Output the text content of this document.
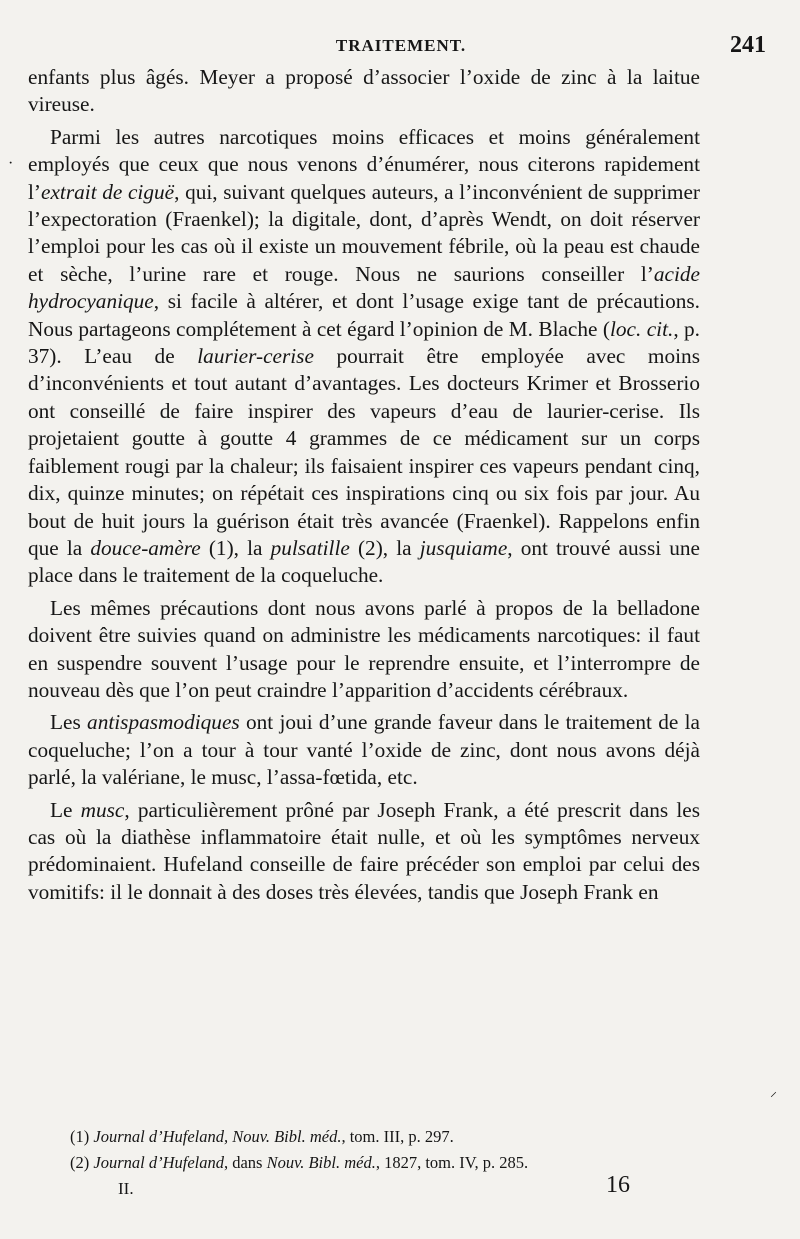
TRAITEMENT.	241
·
⸝

enfants plus âgés. Meyer a proposé d’associer l’oxide de zinc à la laitue vireuse.

Parmi les autres narcotiques moins efficaces et moins généralement employés que ceux que nous venons d’énumérer, nous citerons rapidement l’extrait de ciguë, qui, suivant quelques auteurs, a l’inconvénient de supprimer l’expectoration (Fraenkel); la digitale, dont, d’après Wendt, on doit réserver l’emploi pour les cas où il existe un mouvement fébrile, où la peau est chaude et sèche, l’urine rare et rouge. Nous ne saurions conseiller l’acide hydrocyanique, si facile à altérer, et dont l’usage exige tant de précautions. Nous partageons complétement à cet égard l’opinion de M. Blache (loc. cit., p. 37). L’eau de laurier-cerise pourrait être employée avec moins d’inconvénients et tout autant d’avantages. Les docteurs Krimer et Brosserio ont conseillé de faire inspirer des vapeurs d’eau de laurier-cerise. Ils projetaient goutte à goutte 4 grammes de ce médicament sur un corps faiblement rougi par la chaleur; ils faisaient inspirer ces vapeurs pendant cinq, dix, quinze minutes; on répétait ces inspirations cinq ou six fois par jour. Au bout de huit jours la guérison était très avancée (Fraenkel). Rappelons enfin que la douce-amère (1), la pulsatille (2), la jusquiame, ont trouvé aussi une place dans le traitement de la coqueluche.

Les mêmes précautions dont nous avons parlé à propos de la belladone doivent être suivies quand on administre les médicaments narcotiques: il faut en suspendre souvent l’usage pour le reprendre ensuite, et l’interrompre de nouveau dès que l’on peut craindre l’apparition d’accidents cérébraux.

Les antispasmodiques ont joui d’une grande faveur dans le traitement de la coqueluche; l’on a tour à tour vanté l’oxide de zinc, dont nous avons déjà parlé, la valériane, le musc, l’assa-fœtida, etc.

Le musc, particulièrement prôné par Joseph Frank, a été prescrit dans les cas où la diathèse inflammatoire était nulle, et où les symptômes nerveux prédominaient. Hufeland conseille de faire précéder son emploi par celui des vomitifs: il le donnait à des doses très élevées, tandis que Joseph Frank en

(1) Journal d’Hufeland, Nouv. Bibl. méd., tom. III, p. 297.

(2) Journal d’Hufeland, dans Nouv. Bibl. méd., 1827, tom. IV, p. 285.

II.	16
